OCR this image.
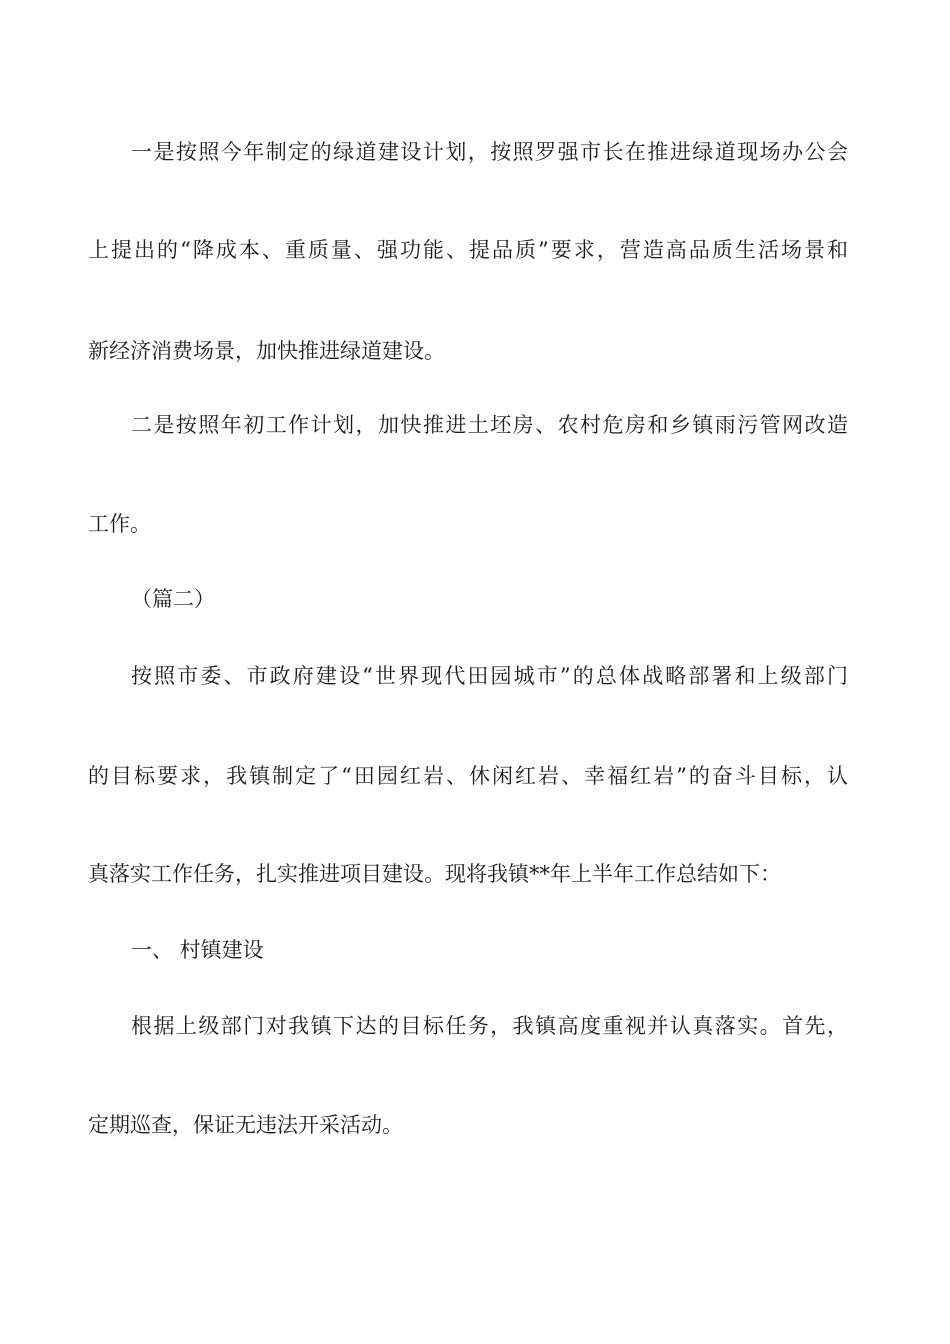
一是按照今年制定的绿道建设计划，按照罗强市长在推进绿道现场办公会
上提出的“降成本、重质量、强功能、提品质”要求，营造高品质生活场景和
新经济消费场景，加快推进绿道建设。
二是按照年初工作计划，加快推进土坯房、农村危房和乡镇雨污管网改造
工作。
（篇二）
按照市委、市政府建设“世界现代田园城市”的总体战略部署和上级部门
的目标要求，我镇制定了“田园红岩、休闲红岩、幸福红岩”的奋斗目标，认
真落实工作任务，扎实推进项目建设。现将我镇**年上半年工作总结如下：
一、 村镇建设
根据上级部门对我镇下达的目标任务，我镇高度重视并认真落实。首先，
定期巡查，保证无违法开采活动。
